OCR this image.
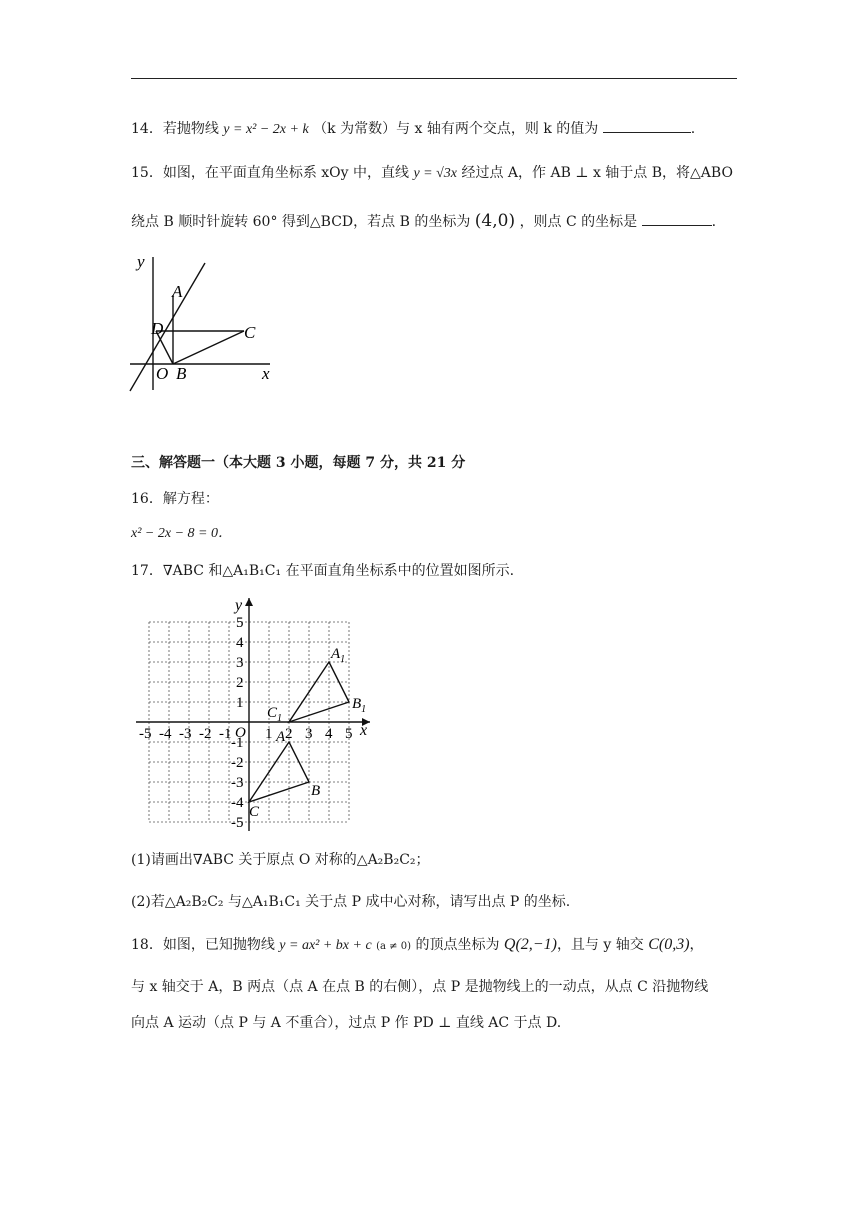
14．若抛物线 y = x² − 2x + k （k 为常数）与 x 轴有两个交点，则 k 的值为	.
15．如图，在平面直角坐标系 xOy 中，直线 y = √3x 经过点 A，作 AB ⊥ x 轴于点 B，将△ABO
绕点 B 顺时针旋转 60° 得到△BCD，若点 B 的坐标为 (4,0) ，则点 C 的坐标是	.
y
x
A
D	C
O B
三、解答题一（本大题 3 小题，每题 7 分，共 21 分
16．解方程：
x² − 2x − 8 = 0．
17．∇ABC 和△A₁B₁C₁ 在平面直角坐标系中的位置如图所示.
-5 -4 -3 -2 -1 1 2 3 4 5
1
2
3
4
5
-1
-2
-3
-4
-5
y
x
O
$A_1$
$B_1$
$C_1$
A
B
C
(1)请画出∇ABC 关于原点 O 对称的△A₂B₂C₂；
(2)若△A₂B₂C₂ 与△A₁B₁C₁ 关于点 P 成中心对称，请写出点 P 的坐标.
18．如图，已知抛物线 y = ax² + bx + c (a ≠ 0) 的顶点坐标为 Q(2,−1)，且与 y 轴交 C(0,3)，
与 x 轴交于 A，B 两点（点 A 在点 B 的右侧），点 P 是抛物线上的一动点，从点 C 沿抛物线
向点 A 运动（点 P 与 A 不重合），过点 P 作 PD ⊥ 直线 AC 于点 D.
